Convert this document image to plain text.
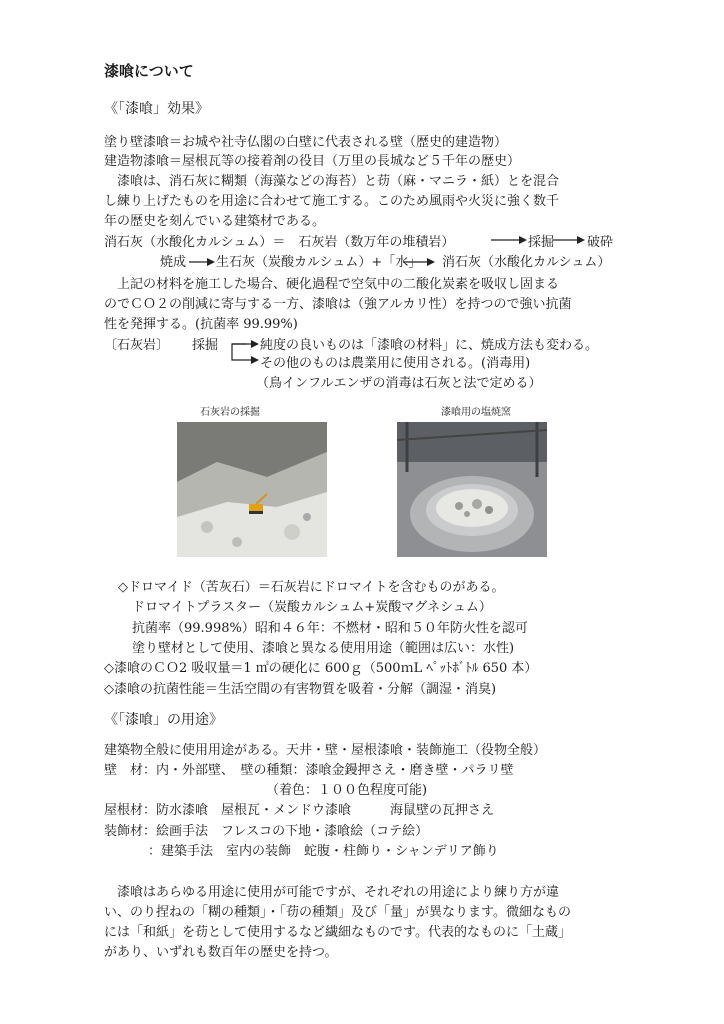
漆喰について
《「漆喰」効果》
塗り壁漆喰＝お城や社寺仏閣の白壁に代表される壁（歴史的建造物）
建造物漆喰＝屋根瓦等の接着剤の役目（万里の長城など５千年の歴史）
　漆喰は、消石灰に糊類（海藻などの海苔）と苆（麻・マニラ・紙）とを混合
し練り上げたものを用途に合わせて施工する。このため風雨や火災に強く数千
年の歴史を刻んでいる建築材である。
消石灰（水酸化カルシュム）＝　石灰岩（数万年の堆積岩）	採掘	破砕
焼成 生石灰（炭酸カルシュム）+「水」 消石灰（水酸化カルシュム）
　上記の材料を施工した場合、硬化過程で空気中の二酸化炭素を吸収し固まる
のでＣＯ２の削減に寄与する一方、漆喰は（強アルカリ性）を持つので強い抗菌
性を発揮する。(抗菌率 99.99%)
〔石灰岩〕 採掘	純度の良いものは「漆喰の材料」に、焼成方法も変わる。
その他のものは農業用に使用される。(消毒用)
（鳥インフルエンザの消毒は石灰と法で定める）
石灰岩の採掘	漆喰用の塩焼窯
◇ドロマイド（苦灰石）＝石灰岩にドロマイトを含むものがある。
ドロマイトプラスター（炭酸カルシュム+炭酸マグネシュム）
抗菌率（99.998%）昭和４６年：不燃材・昭和５０年防火性を認可
塗り壁材として使用、漆喰と異なる使用用途（範囲は広い：水性)
◇漆喰のＣＯ2 吸収量＝1 ㎡の硬化に 600ｇ（500ｍL ﾍﾟｯﾄﾎﾞﾄﾙ 650 本）
◇漆喰の抗菌性能＝生活空間の有害物質を吸着・分解（調湿・消臭)
《「漆喰」の用途》
建築物全般に使用用途がある。天井・壁・屋根漆喰・装飾施工（役物全般）
壁　材：内・外部壁、　壁の種類：漆喰金鏝押さえ・磨き壁・パラリ壁
（着色：１００色程度可能)
屋根材：防水漆喰　屋根瓦・メンドウ漆喰　　　海鼠壁の瓦押さえ
装飾材：絵画手法　フレスコの下地・漆喰絵（コテ絵）
：建築手法　室内の装飾　蛇腹・柱飾り・シャンデリア飾り
　漆喰はあらゆる用途に使用が可能ですが、それぞれの用途により練り方が違
い、のり捏ねの「糊の種類」・「苆の種類」及び「量」が異なります。微細なもの
には「和紙」を苆として使用するなど繊細なものです。代表的なものに「土蔵」
があり、いずれも数百年の歴史を持つ。
